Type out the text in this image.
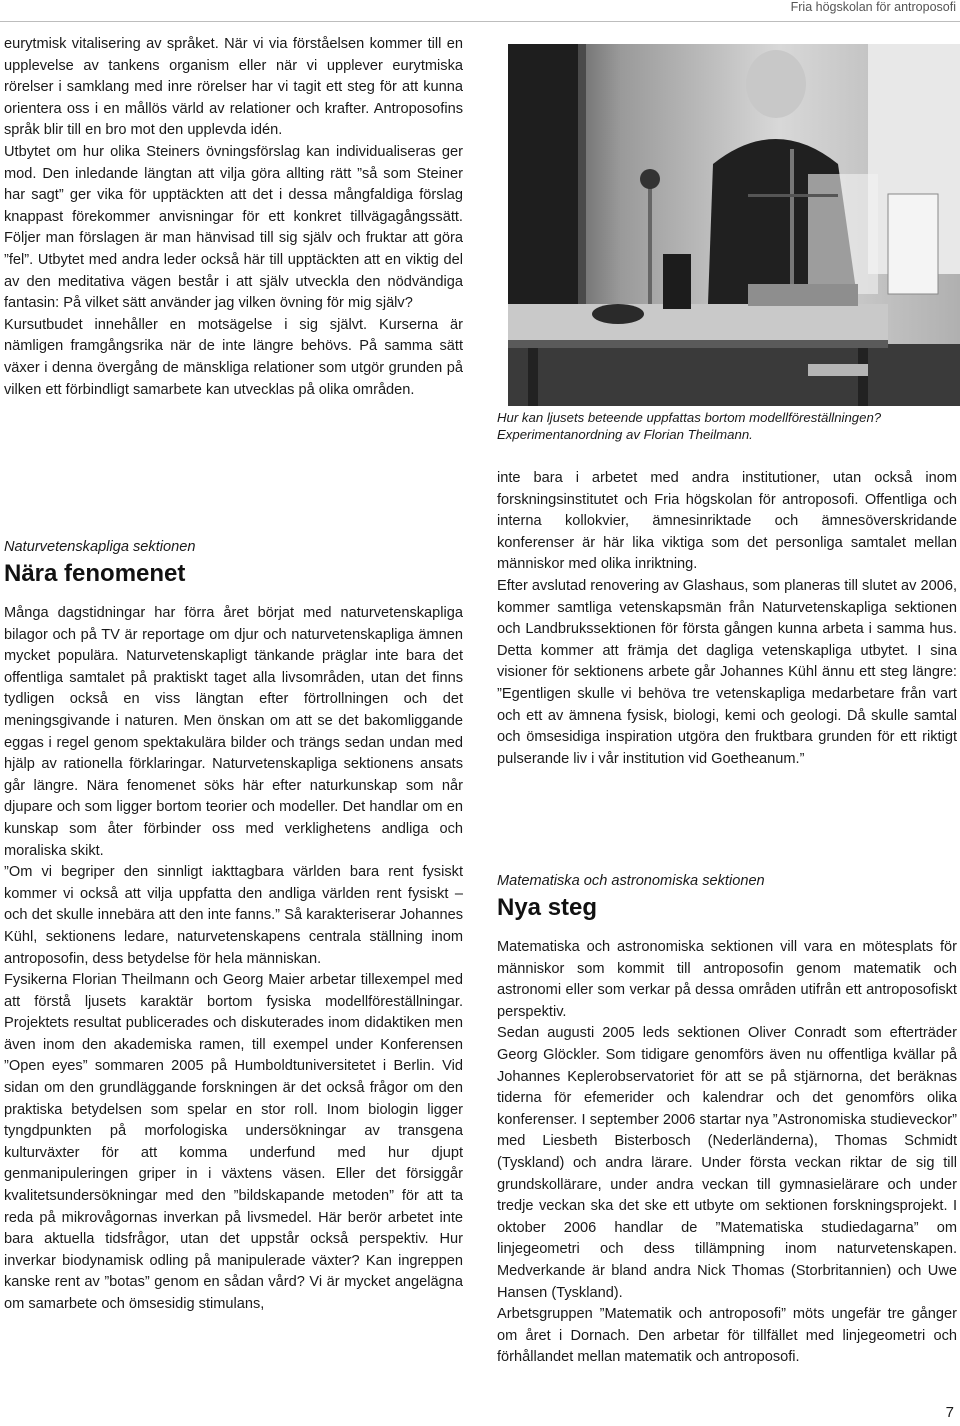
Fria högskolan för antroposofi

eurytmisk vitalisering av språket. När vi via förståelsen kommer till en upplevelse av tankens organism eller när vi upplever eurytmiska rörelser i samklang med inre rörelser har vi tagit ett steg för att kunna orientera oss i en mållös värld av relationer och krafter. Antroposofins språk blir till en bro mot den upplevda idén.

Utbytet om hur olika Steiners övningsförslag kan individualiseras ger mod. Den inledande längtan att vilja göra allting rätt ”så som Steiner har sagt” ger vika för upptäckten att det i dessa mångfaldiga förslag knappast förekommer anvisningar för ett konkret tillvägagångssätt. Följer man förslagen är man hänvisad till sig själv och fruktar att göra ”fel”. Utbytet med andra leder också här till upptäckten att en viktig del av den meditativa vägen består i att själv utveckla den nödvändiga fantasin: På vilket sätt använder jag vilken övning för mig själv?

Kursutbudet innehåller en motsägelse i sig självt. Kurserna är nämligen framgångsrika när de inte längre behövs. På samma sätt växer i denna övergång de mänskliga relationer som utgör grunden på vilken ett förbindligt samarbete kan utvecklas på olika områden.

Naturvetenskapliga sektionen
Nära fenomenet

Många dagstidningar har förra året börjat med naturvetenskapliga bilagor och på TV är reportage om djur och naturvetenskapliga ämnen mycket populära. Naturvetenskapligt tänkande präglar inte bara det offentliga samtalet på praktiskt taget alla livsområden, utan det finns tydligen också en viss längtan efter förtrollningen och det meningsgivande i naturen. Men önskan om att se det bakomliggande eggas i regel genom spektakulära bilder och trängs sedan undan med hjälp av rationella förklaringar. Naturvetenskapliga sektionens ansats går längre. Nära fenomenet söks här efter naturkunskap som når djupare och som ligger bortom teorier och modeller. Det handlar om en kunskap som åter förbinder oss med verklighetens andliga och moraliska skikt.

”Om vi begriper den sinnligt iakttagbara världen bara rent fysiskt kommer vi också att vilja uppfatta den andliga världen rent fysiskt – och det skulle innebära att den inte fanns.” Så karakteriserar Johannes Kühl, sektionens ledare, naturvetenskapens centrala ställning inom antroposofin, dess betydelse för hela människan.

Fysikerna Florian Theilmann och Georg Maier arbetar tillexempel med att förstå ljusets karaktär bortom fysiska modellföreställningar. Projektets resultat publicerades och diskuterades inom didaktiken men även inom den akademiska ramen, till exempel under Konferensen ”Open eyes” sommaren 2005 på Humboldtuniversitetet i Berlin. Vid sidan om den grundläggande forskningen är det också frågor om den praktiska betydelsen som spelar en stor roll. Inom biologin ligger tyngdpunkten på morfologiska undersökningar av transgena kulturväxter för att komma underfund med hur djupt genmanipuleringen griper in i växtens väsen. Eller det försiggår kvalitetsundersökningar med den ”bildskapande metoden” för att ta reda på mikrovågornas inverkan på livsmedel. Här berör arbetet inte bara aktuella tidsfrågor, utan det uppstår också perspektiv. Hur inverkar biodynamisk odling på manipulerade växter? Kan ingreppen kanske rent av ”botas” genom en sådan vård? Vi är mycket angelägna om samarbete och ömsesidig stimulans,

Hur kan ljusets beteende uppfattas bortom modellföreställningen? Experimentanordning av Florian Theilmann.

inte bara i arbetet med andra institutioner, utan också inom forskningsinstitutet och Fria högskolan för antroposofi. Offentliga och interna kollokvier, ämnesinriktade och ämnesöverskridande konferenser är här lika viktiga som det personliga samtalet mellan människor med olika inriktning.

Efter avslutad renovering av Glashaus, som planeras till slutet av 2006, kommer samtliga vetenskapsmän från Naturvetenskapliga sektionen och Landbrukssektionen för första gången kunna arbeta i samma hus. Detta kommer att främja det dagliga vetenskapliga utbytet. I sina visioner för sektionens arbete går Johannes Kühl ännu ett steg längre: ”Egentligen skulle vi behöva tre vetenskapliga medarbetare från vart och ett av ämnena fysisk, biologi, kemi och geologi. Då skulle samtal och ömsesidiga inspiration utgöra den fruktbara grunden för ett riktigt pulserande liv i vår institution vid Goetheanum.”

Matematiska och astronomiska sektionen
Nya steg

Matematiska och astronomiska sektionen vill vara en mötesplats för människor som kommit till antroposofin genom matematik och astronomi eller som verkar på dessa områden utifrån ett antroposofiskt perspektiv.

Sedan augusti 2005 leds sektionen Oliver Conradt som efterträder Georg Glöckler. Som tidigare genomförs även nu offentliga kvällar på Johannes Keplerobservatoriet för att se på stjärnorna, det beräknas tiderna för efemerider och kalendrar och det genomförs olika konferenser. I september 2006 startar nya ”Astronomiska studieveckor” med Liesbeth Bisterbosch (Nederländerna), Thomas Schmidt (Tyskland) och andra lärare. Under första veckan riktar de sig till grundskollärare, under andra veckan till gymnasielärare och under tredje veckan ska det ske ett utbyte om sektionen forskningsprojekt. I oktober 2006 handlar de ”Matematiska studiedagarna” om linjegeometri och dess tillämpning inom naturvetenskapen. Medverkande är bland andra Nick Thomas (Storbritannien) och Uwe Hansen (Tyskland).

Arbetsgruppen ”Matematik och antroposofi” möts ungefär tre gånger om året i Dornach. Den arbetar för tillfället med linjegeometri och förhållandet mellan matematik och antroposofi.

7
